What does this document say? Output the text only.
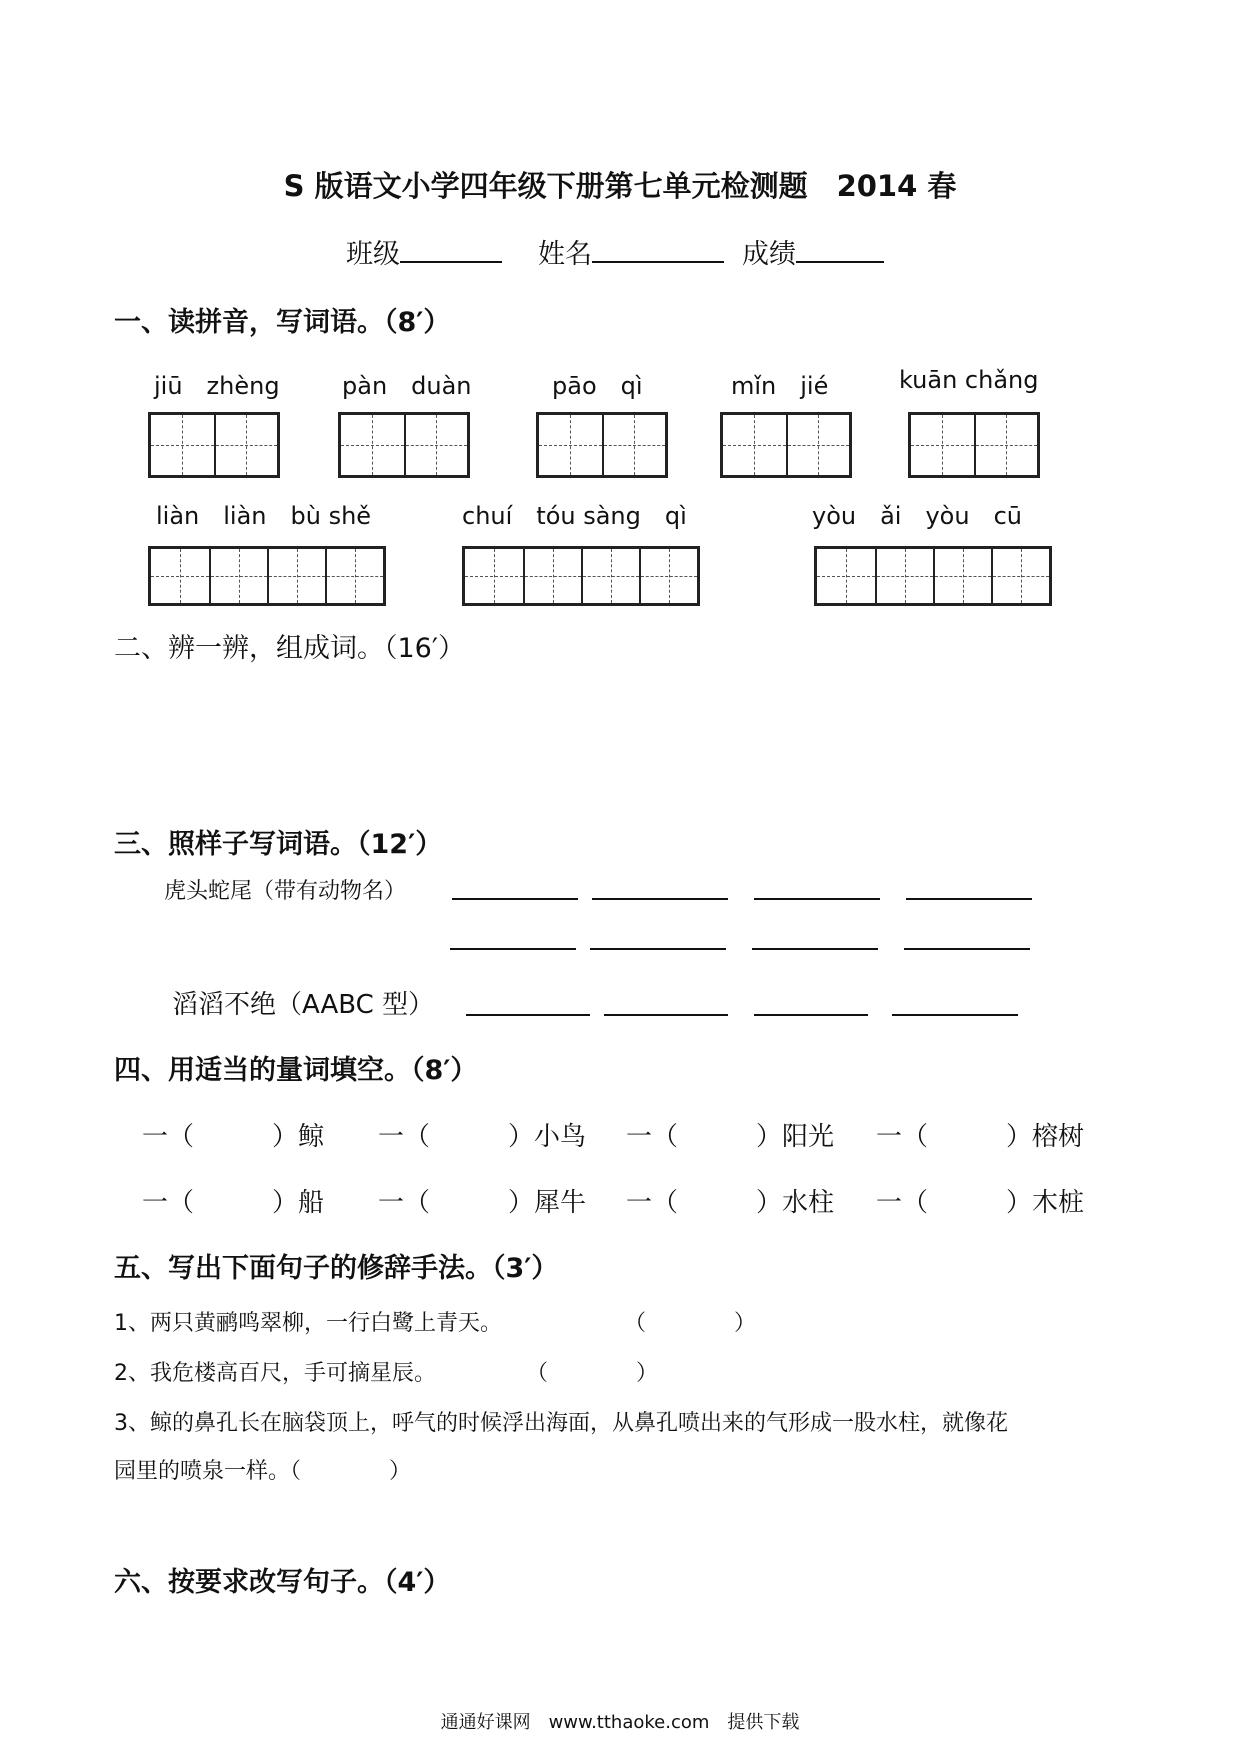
S 版语文小学四年级下册第七单元检测题　2014 春
班级	姓名	成绩
一、读拼音，写词语。（8′）
jiū　zhèng	pàn　duàn	pāo　qì	mǐn　jié	kuān chǎng
liàn　liàn　bù shě	chuí　tóu sàng　qì	yòu　ǎi　yòu　cū
二、辨一辨，组成词。（16′）
三、照样子写词语。（12′）
虎头蛇尾（带有动物名）
滔滔不绝（AABC 型）
四、用适当的量词填空。（8′）
一（　　　）鲸 一（　　　）小鸟 一（　　　）阳光 一（　　　）榕树
一（　　　）船 一（　　　）犀牛 一（　　　）水柱 一（　　　）木桩
五、写出下面句子的修辞手法。（3′）
1、两只黄鹂鸣翠柳，一行白鹭上青天。	（　　　　）
2、我危楼高百尺，手可摘星辰。	（　　　　）
3、鲸的鼻孔长在脑袋顶上，呼气的时候浮出海面，从鼻孔喷出来的气形成一股水柱，就像花
园里的喷泉一样。（　　　　）
六、按要求改写句子。（4′）
通通好课网　www.tthaoke.com　提供下载
